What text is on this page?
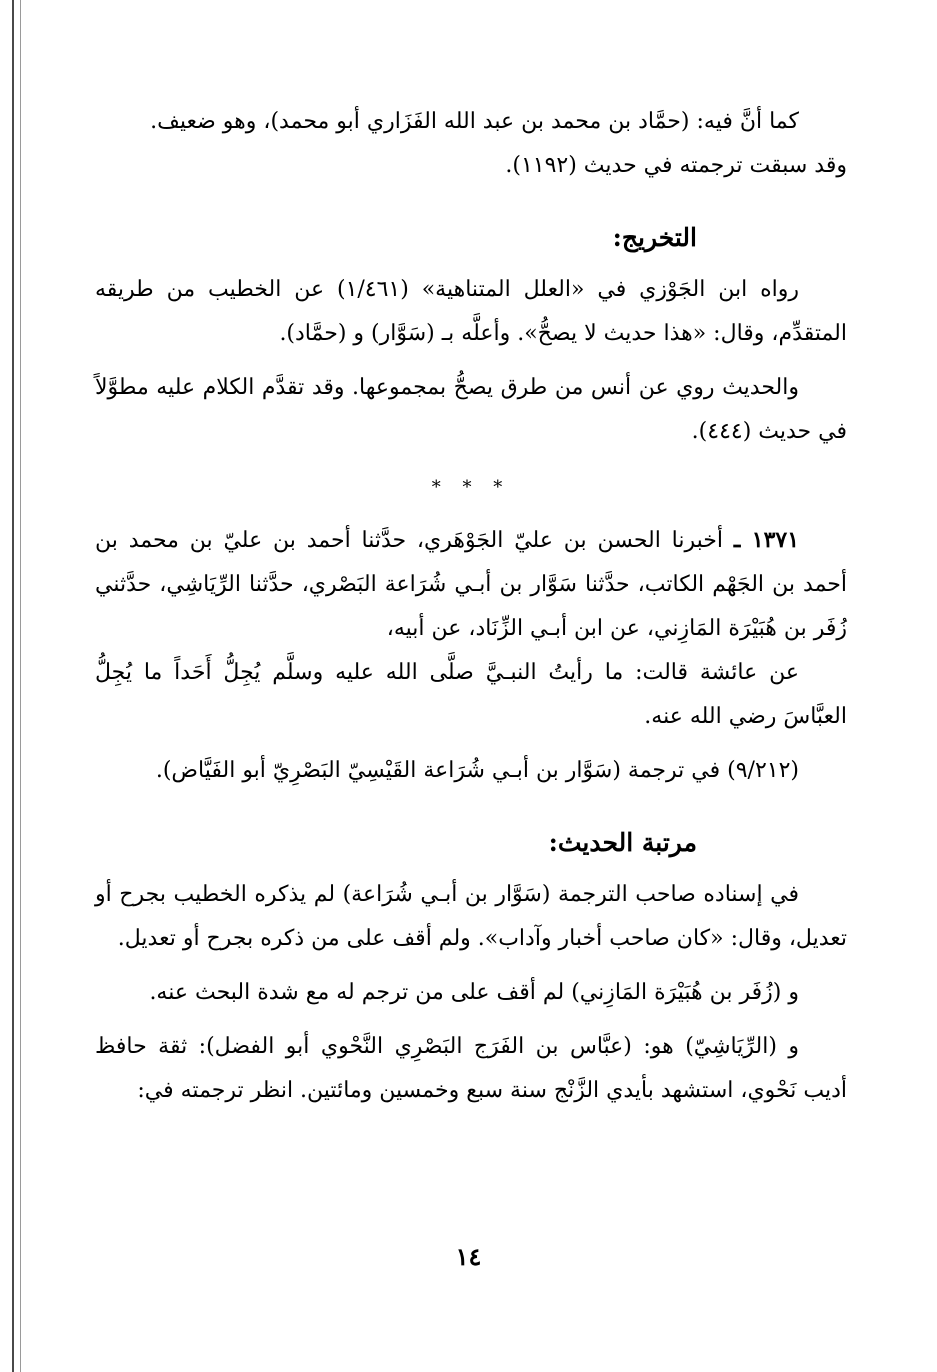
كما أنَّ فيه: (حمَّاد بن محمد بن عبد الله الفَزَاري أبو محمد)، وهو ضعيف.

وقد سبقت ترجمته في حديث (١١٩٢).

التخريج:

رواه ابن الجَوْزي في «العلل المتناهية» (١/٤٦١) عن الخطيب من طريقه المتقدِّم، وقال: «هذا حديث لا يصحُّ». وأعلَّه بـ (سَوَّار) و (حمَّاد).

والحديث روي عن أنس من طرق يصحُّ بمجموعها. وقد تقدَّم الكلام عليه مطوَّلاً في حديث (٤٤٤).

* * *

١٣٧١ ـ أخبرنا الحسن بن عليّ الجَوْهَري، حدَّثنا أحمد بن عليّ بن محمد بن أحمد بن الجَهْم الكاتب، حدَّثنا سَوَّار بن أبـي شُرَاعة البَصْري، حدَّثنا الرِّيَاشِي، حدَّثني زُفَر بن هُبَيْرَة المَازِني، عن ابن أبـي الزِّنَاد، عن أبيه،

عن عائشة قالت: ما رأيتُ النبـيَّ صلَّى الله عليه وسلَّم يُجِلُّ أَحَداً ما يُجِلُّ العبَّاسَ رضي الله عنه.

(٩/٢١٢) في ترجمة (سَوَّار بن أبـي شُرَاعة القَيْسِيّ البَصْرِيّ أبو الفَيَّاض).

مرتبة الحديث:

في إسناده صاحب الترجمة (سَوَّار بن أبـي شُرَاعة) لم يذكره الخطيب بجرح أو تعديل، وقال: «كان صاحب أخبار وآداب». ولم أقف على من ذكره بجرح أو تعديل.

و (زُفَر بن هُبَيْرَة المَازِني) لم أقف على من ترجم له مع شدة البحث عنه.

و (الرِّيَاشِيّ) هو: (عبَّاس بن الفَرَج البَصْرِي النَّحْوي أبو الفضل): ثقة حافظ أديب نَحْوي، استشهد بأيدي الزَّنْج سنة سبع وخمسين ومائتين. انظر ترجمته في:

١٤
